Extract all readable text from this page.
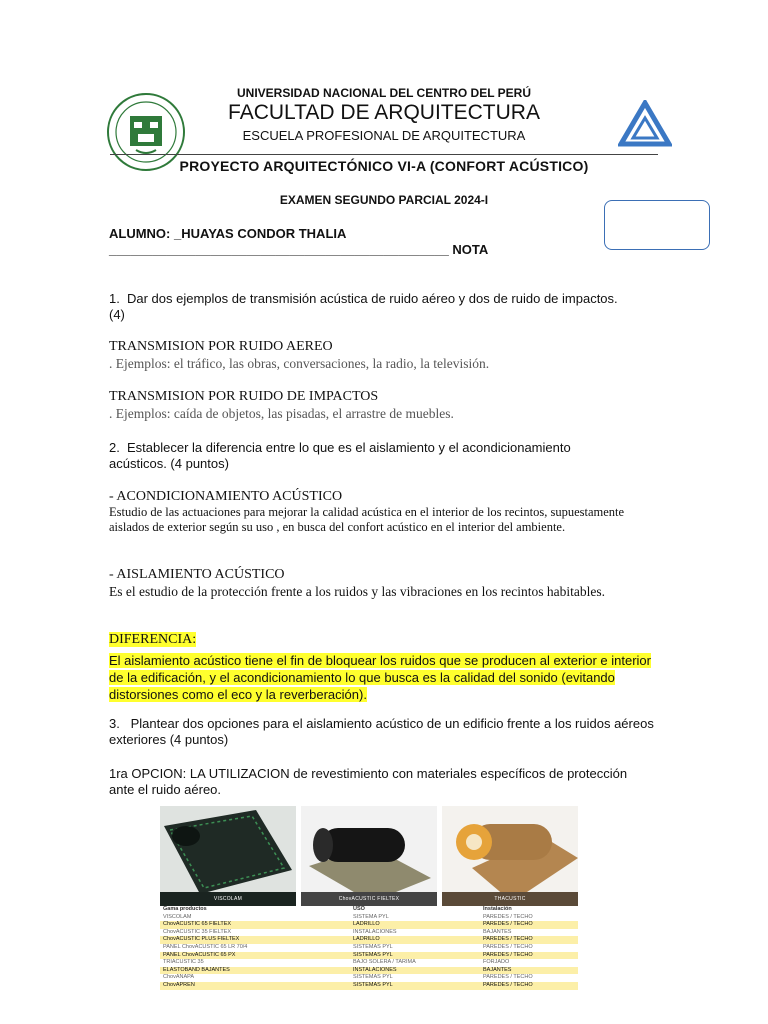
UNIVERSIDAD NACIONAL DEL CENTRO DEL PERÚ
FACULTAD DE ARQUITECTURA
ESCUELA PROFESIONAL DE ARQUITECTURA
PROYECTO ARQUITECTÓNICO VI-A (CONFORT ACÚSTICO)
EXAMEN SEGUNDO PARCIAL 2024-I
ALUMNO: _HUAYAS CONDOR THALIA
_______________________________________________ NOTA
1. Dar dos ejemplos de transmisión acústica de ruido aéreo y dos de ruido de impactos. (4)
TRANSMISION POR RUIDO AEREO
. Ejemplos: el tráfico, las obras, conversaciones, la radio, la televisión.
TRANSMISION POR RUIDO DE IMPACTOS
. Ejemplos: caída de objetos, las pisadas, el arrastre de muebles.
2. Establecer la diferencia entre lo que es el aislamiento y el acondicionamiento acústicos. (4 puntos)
- ACONDICIONAMIENTO ACÚSTICO
Estudio de las actuaciones para mejorar la calidad acústica en el interior de los recintos, supuestamente aislados de exterior según su uso , en busca del confort acústico en el interior del ambiente.
- AISLAMIENTO ACÚSTICO
Es el estudio de la protección frente a los ruidos y las vibraciones en los recintos habitables.
DIFERENCIA:
El aislamiento acústico tiene el fin de bloquear los ruidos que se producen al exterior e interior de la edificación, y el acondicionamiento lo que busca es la calidad del sonido (evitando distorsiones como el eco y la reverberación).
3. Plantear dos opciones para el aislamiento acústico de un edificio frente a los ruidos aéreos exteriores (4 puntos)
1ra OPCION: LA UTILIZACION de revestimiento con materiales específicos de protección ante el ruido aéreo.
VISCOLAM	ChovACUSTIC FIELTEX	THACUSTIC
Gama productos	USO	Instalación
VISCOLAM	SISTEMA PYL	PAREDES / TECHO
ChovACUSTIC 65 FIELTEX	LADRILLO	PAREDES / TECHO
ChovACUSTIC 35 FIELTEX	INSTALACIONES	BAJANTES
ChovACUSTIC PLUS FIELTEX	LADRILLO	PAREDES / TECHO
PANEL ChovACUSTIC 65 LR 70/4	SISTEMAS PYL	PAREDES / TECHO
PANEL ChovACUSTIC 65 PX	SISTEMAS PYL	PAREDES / TECHO
TRIACUSTIC 35	BAJO SOLERA / TARIMA	FORJADO
ELASTOBAND BAJANTES	INSTALACIONES	BAJANTES
ChovANAPA	SISTEMAS PYL	PAREDES / TECHO
ChovAPREN	SISTEMAS PYL	PAREDES / TECHO
